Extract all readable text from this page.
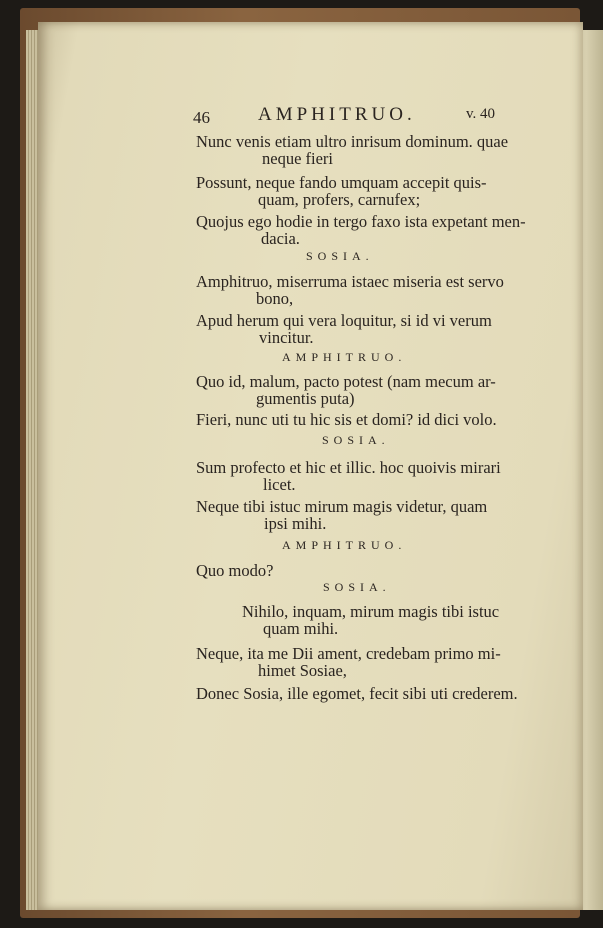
46	AMPHITRUO.	v. 40
Nunc venis etiam ultro inrisum dominum. quae
neque fieri
Possunt, neque fando umquam accepit quis-
quam, profers, carnufex;
Quojus ego hodie in tergo faxo ista expetant men-
dacia.
SOSIA.
Amphitruo, miserruma istaec miseria est servo
bono,
Apud herum qui vera loquitur, si id vi verum
vincitur.
AMPHITRUO.
Quo id, malum, pacto potest (nam mecum ar-
gumentis puta)
Fieri, nunc uti tu hic sis et domi? id dici volo.
SOSIA.
Sum profecto et hic et illic. hoc quoivis mirari
licet.
Neque tibi istuc mirum magis videtur, quam
ipsi mihi.
AMPHITRUO.
Quo modo?
SOSIA.
Nihilo, inquam, mirum magis tibi istuc
quam mihi.
Neque, ita me Dii ament, credebam primo mi-
himet Sosiae,
Donec Sosia, ille egomet, fecit sibi uti crederem.
